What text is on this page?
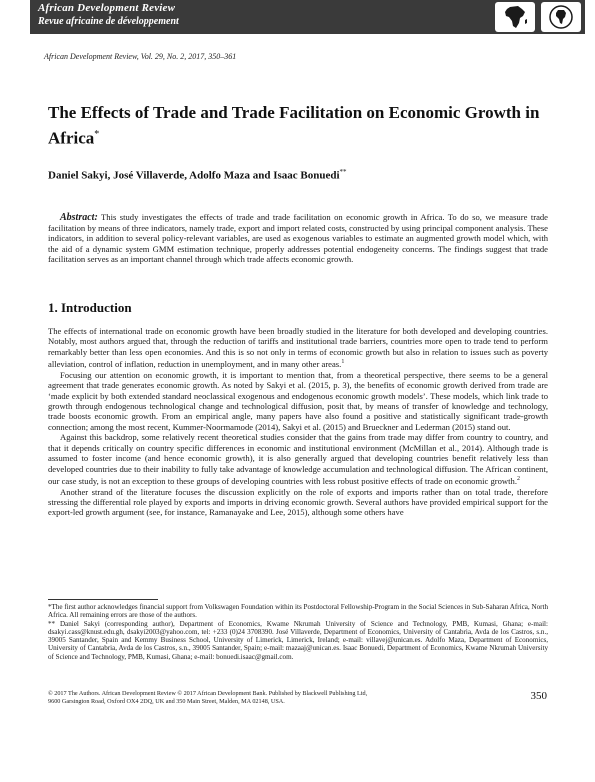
African Development Review
Revue africaine de développement
African Development Review, Vol. 29, No. 2, 2017, 350–361
The Effects of Trade and Trade Facilitation on Economic Growth in Africa*
Daniel Sakyi, José Villaverde, Adolfo Maza and Isaac Bonuedi**
Abstract: This study investigates the effects of trade and trade facilitation on economic growth in Africa. To do so, we measure trade facilitation by means of three indicators, namely trade, export and import related costs, constructed by using principal component analysis. These indicators, in addition to several policy-relevant variables, are used as exogenous variables to estimate an augmented growth model which, with the aid of a dynamic system GMM estimation technique, properly addresses potential endogeneity concerns. The findings suggest that trade facilitation serves as an important channel through which trade affects economic growth.
1. Introduction

The effects of international trade on economic growth have been broadly studied in the literature for both developed and developing countries. Notably, most authors argued that, through the reduction of tariffs and institutional trade barriers, countries more open to trade tend to perform remarkably better than less open economies. And this is so not only in terms of economic growth but also in relation to issues such as poverty alleviation, control of inflation, reduction in unemployment, and in many other areas.$^1$

Focusing our attention on economic growth, it is important to mention that, from a theoretical perspective, there seems to be a general agreement that trade generates economic growth. As noted by Sakyi et al. (2015, p. 3), the benefits of economic growth derived from trade are ‘made explicit by both extended standard neoclassical exogenous and endogenous economic growth models’. These models, which link trade to growth through endogenous technological change and technological diffusion, posit that, by means of transfer of knowledge and technology, trade boosts economic growth. From an empirical angle, many papers have also found a positive and statistically significant trade-growth connection; among the most recent, Kummer-Noormamode (2014), Sakyi et al. (2015) and Brueckner and Lederman (2015) stand out.

Against this backdrop, some relatively recent theoretical studies consider that the gains from trade may differ from country to country, and that it depends critically on country specific differences in economic and institutional environment (McMillan et al., 2014). Although trade is assumed to foster income (and hence economic growth), it is also generally argued that developing countries benefit relatively less than developed countries due to their inability to fully take advantage of knowledge accumulation and technological diffusion. The African continent, our case study, is not an exception to these groups of developing countries with less robust positive effects of trade on economic growth.$^2$

Another strand of the literature focuses the discussion explicitly on the role of exports and imports rather than on total trade, therefore stressing the differential role played by exports and imports in driving economic growth. Several authors have provided empirical support for the export-led growth argument (see, for instance, Ramanayake and Lee, 2015), although some others have

*The first author acknowledges financial support from Volkswagen Foundation within its Postdoctoral Fellowship-Program in the Social Sciences in Sub-Saharan Africa, North Africa. All remaining errors are those of the authors.
** Daniel Sakyi (corresponding author), Department of Economics, Kwame Nkrumah University of Science and Technology, PMB, Kumasi, Ghana; e-mail: dsakyi.cass@knust.edu.gh, dsakyi2003@yahoo.com, tel: +233 (0)24 3708390. José Villaverde, Department of Economics, University of Cantabria, Avda de los Castros, s.n., 39005 Santander, Spain and Kemmy Business School, University of Limerick, Limerick, Ireland; e-mail: villavej@unican.es. Adolfo Maza, Department of Economics, University of Cantabria, Avda de los Castros, s.n., 39005 Santander, Spain; e-mail: mazaaj@unican.es. Isaac Bonuedi, Department of Economics, Kwame Nkrumah University of Science and Technology, PMB, Kumasi, Ghana; e-mail: bonuedi.isaac@gmail.com.
© 2017 The Authors. African Development Review © 2017 African Development Bank. Published by Blackwell Publishing Ltd,
9600 Garsington Road, Oxford OX4 2DQ, UK and 350 Main Street, Malden, MA 02148, USA.	350
